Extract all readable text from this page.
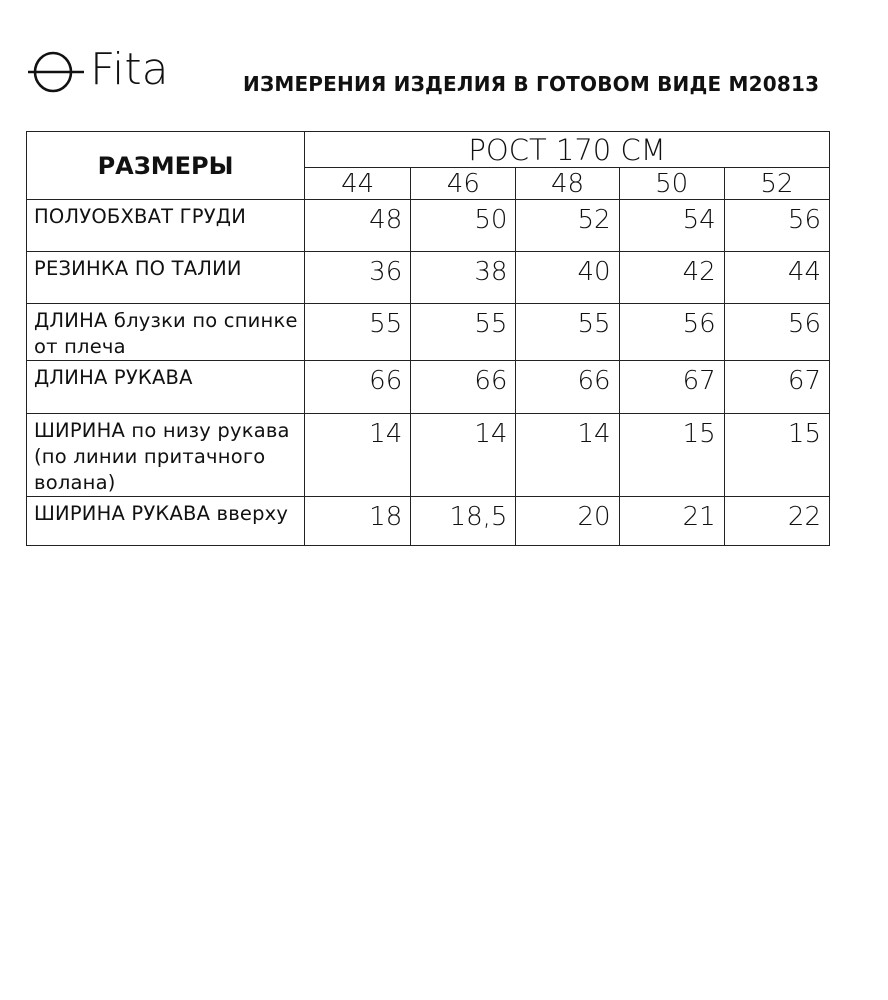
Fita	ИЗМЕРЕНИЯ ИЗДЕЛИЯ В ГОТОВОМ ВИДЕ М20813
РАЗМЕРЫ	РОСТ 170 СМ				
	44	46	48	50	52
ПОЛУОБХВАТ ГРУДИ	48	50	52	54	56
РЕЗИНКА ПО ТАЛИИ	36	38	40	42	44
ДЛИНА блузки по спинке от плеча	55	55	55	56	56
ДЛИНА РУКАВА	66	66	66	67	67
ШИРИНА по низу рукава (по линии притачного волана)	14	14	14	15	15
ШИРИНА РУКАВА вверху	18	18,5	20	21	22
